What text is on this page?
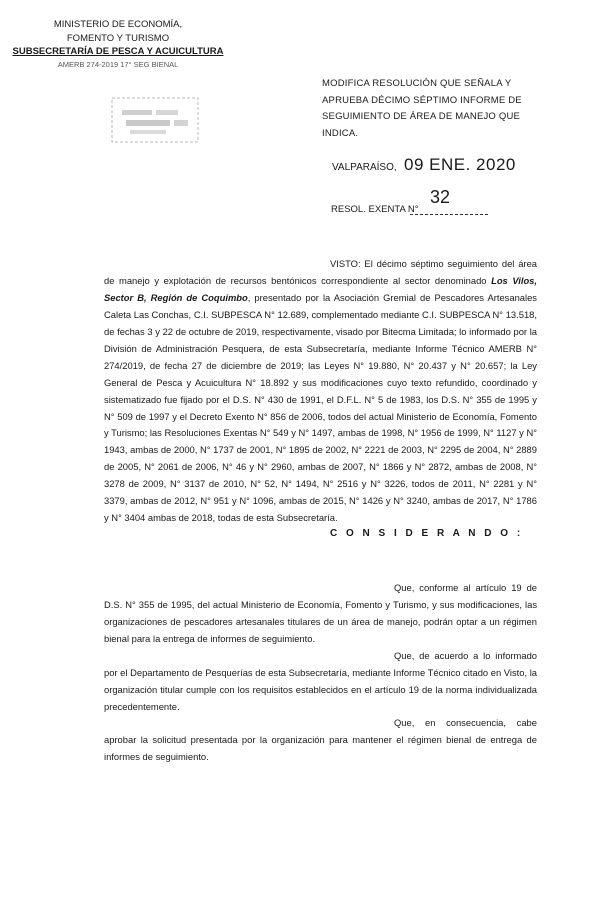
MINISTERIO DE ECONOMÍA,
FOMENTO Y TURISMO
SUBSECRETARÍA DE PESCA Y ACUICULTURA
AMERB 274-2019 17° SEG BIENAL
MODIFICA RESOLUCIÓN QUE SEÑALA Y APRUEBA DÉCIMO SÉPTIMO INFORME DE SEGUIMIENTO DE ÁREA DE MANEJO QUE INDICA.
VALPARAÍSO, 09 ENE. 2020
32
RESOL. EXENTA N°

VISTO: El décimo séptimo seguimiento del área de manejo y explotación de recursos bentónicos correspondiente al sector denominado Los Vilos, Sector B, Región de Coquimbo, presentado por la Asociación Gremial de Pescadores Artesanales Caleta Las Conchas, C.I. SUBPESCA N° 12.689, complementado mediante C.I. SUBPESCA N° 13.518, de fechas 3 y 22 de octubre de 2019, respectivamente, visado por Bitecma Limitada; lo informado por la División de Administración Pesquera, de esta Subsecretaría, mediante Informe Técnico AMERB N° 274/2019, de fecha 27 de diciembre de 2019; las Leyes N° 19.880, N° 20.437 y N° 20.657; la Ley General de Pesca y Acuicultura N° 18.892 y sus modificaciones cuyo texto refundido, coordinado y sistematizado fue fijado por el D.S. N° 430 de 1991, el D.F.L. N° 5 de 1983, los D.S. N° 355 de 1995 y N° 509 de 1997 y el Decreto Exento N° 856 de 2006, todos del actual Ministerio de Economía, Fomento y Turismo; las Resoluciones Exentas N° 549 y N° 1497, ambas de 1998, N° 1956 de 1999, N° 1127 y N° 1943, ambas de 2000, N° 1737 de 2001, N° 1895 de 2002, N° 2221 de 2003, N° 2295 de 2004, N° 2889 de 2005, N° 2061 de 2006, N° 46 y N° 2960, ambas de 2007, N° 1866 y N° 2872, ambas de 2008, N° 3278 de 2009, N° 3137 de 2010, N° 52, N° 1494, N° 2516 y N° 3226, todos de 2011, N° 2281 y N° 3379, ambas de 2012, N° 951 y N° 1096, ambas de 2015, N° 1426 y N° 3240, ambas de 2017, N° 1786 y N° 3404 ambas de 2018, todas de esta Subsecretaría.

C O N S I D E R A N D O :

Que, conforme al artículo 19 de D.S. N° 355 de 1995, del actual Ministerio de Economía, Fomento y Turismo, y sus modificaciones, las organizaciones de pescadores artesanales titulares de un área de manejo, podrán optar a un régimen bienal para la entrega de informes de seguimiento.

Que, de acuerdo a lo informado por el Departamento de Pesquerías de esta Subsecretaría, mediante Informe Técnico citado en Visto, la organización titular cumple con los requisitos establecidos en el artículo 19 de la norma individualizada precedentemente.

Que, en consecuencia, cabe aprobar la solicitud presentada por la organización para mantener el régimen bienal de entrega de informes de seguimiento.
